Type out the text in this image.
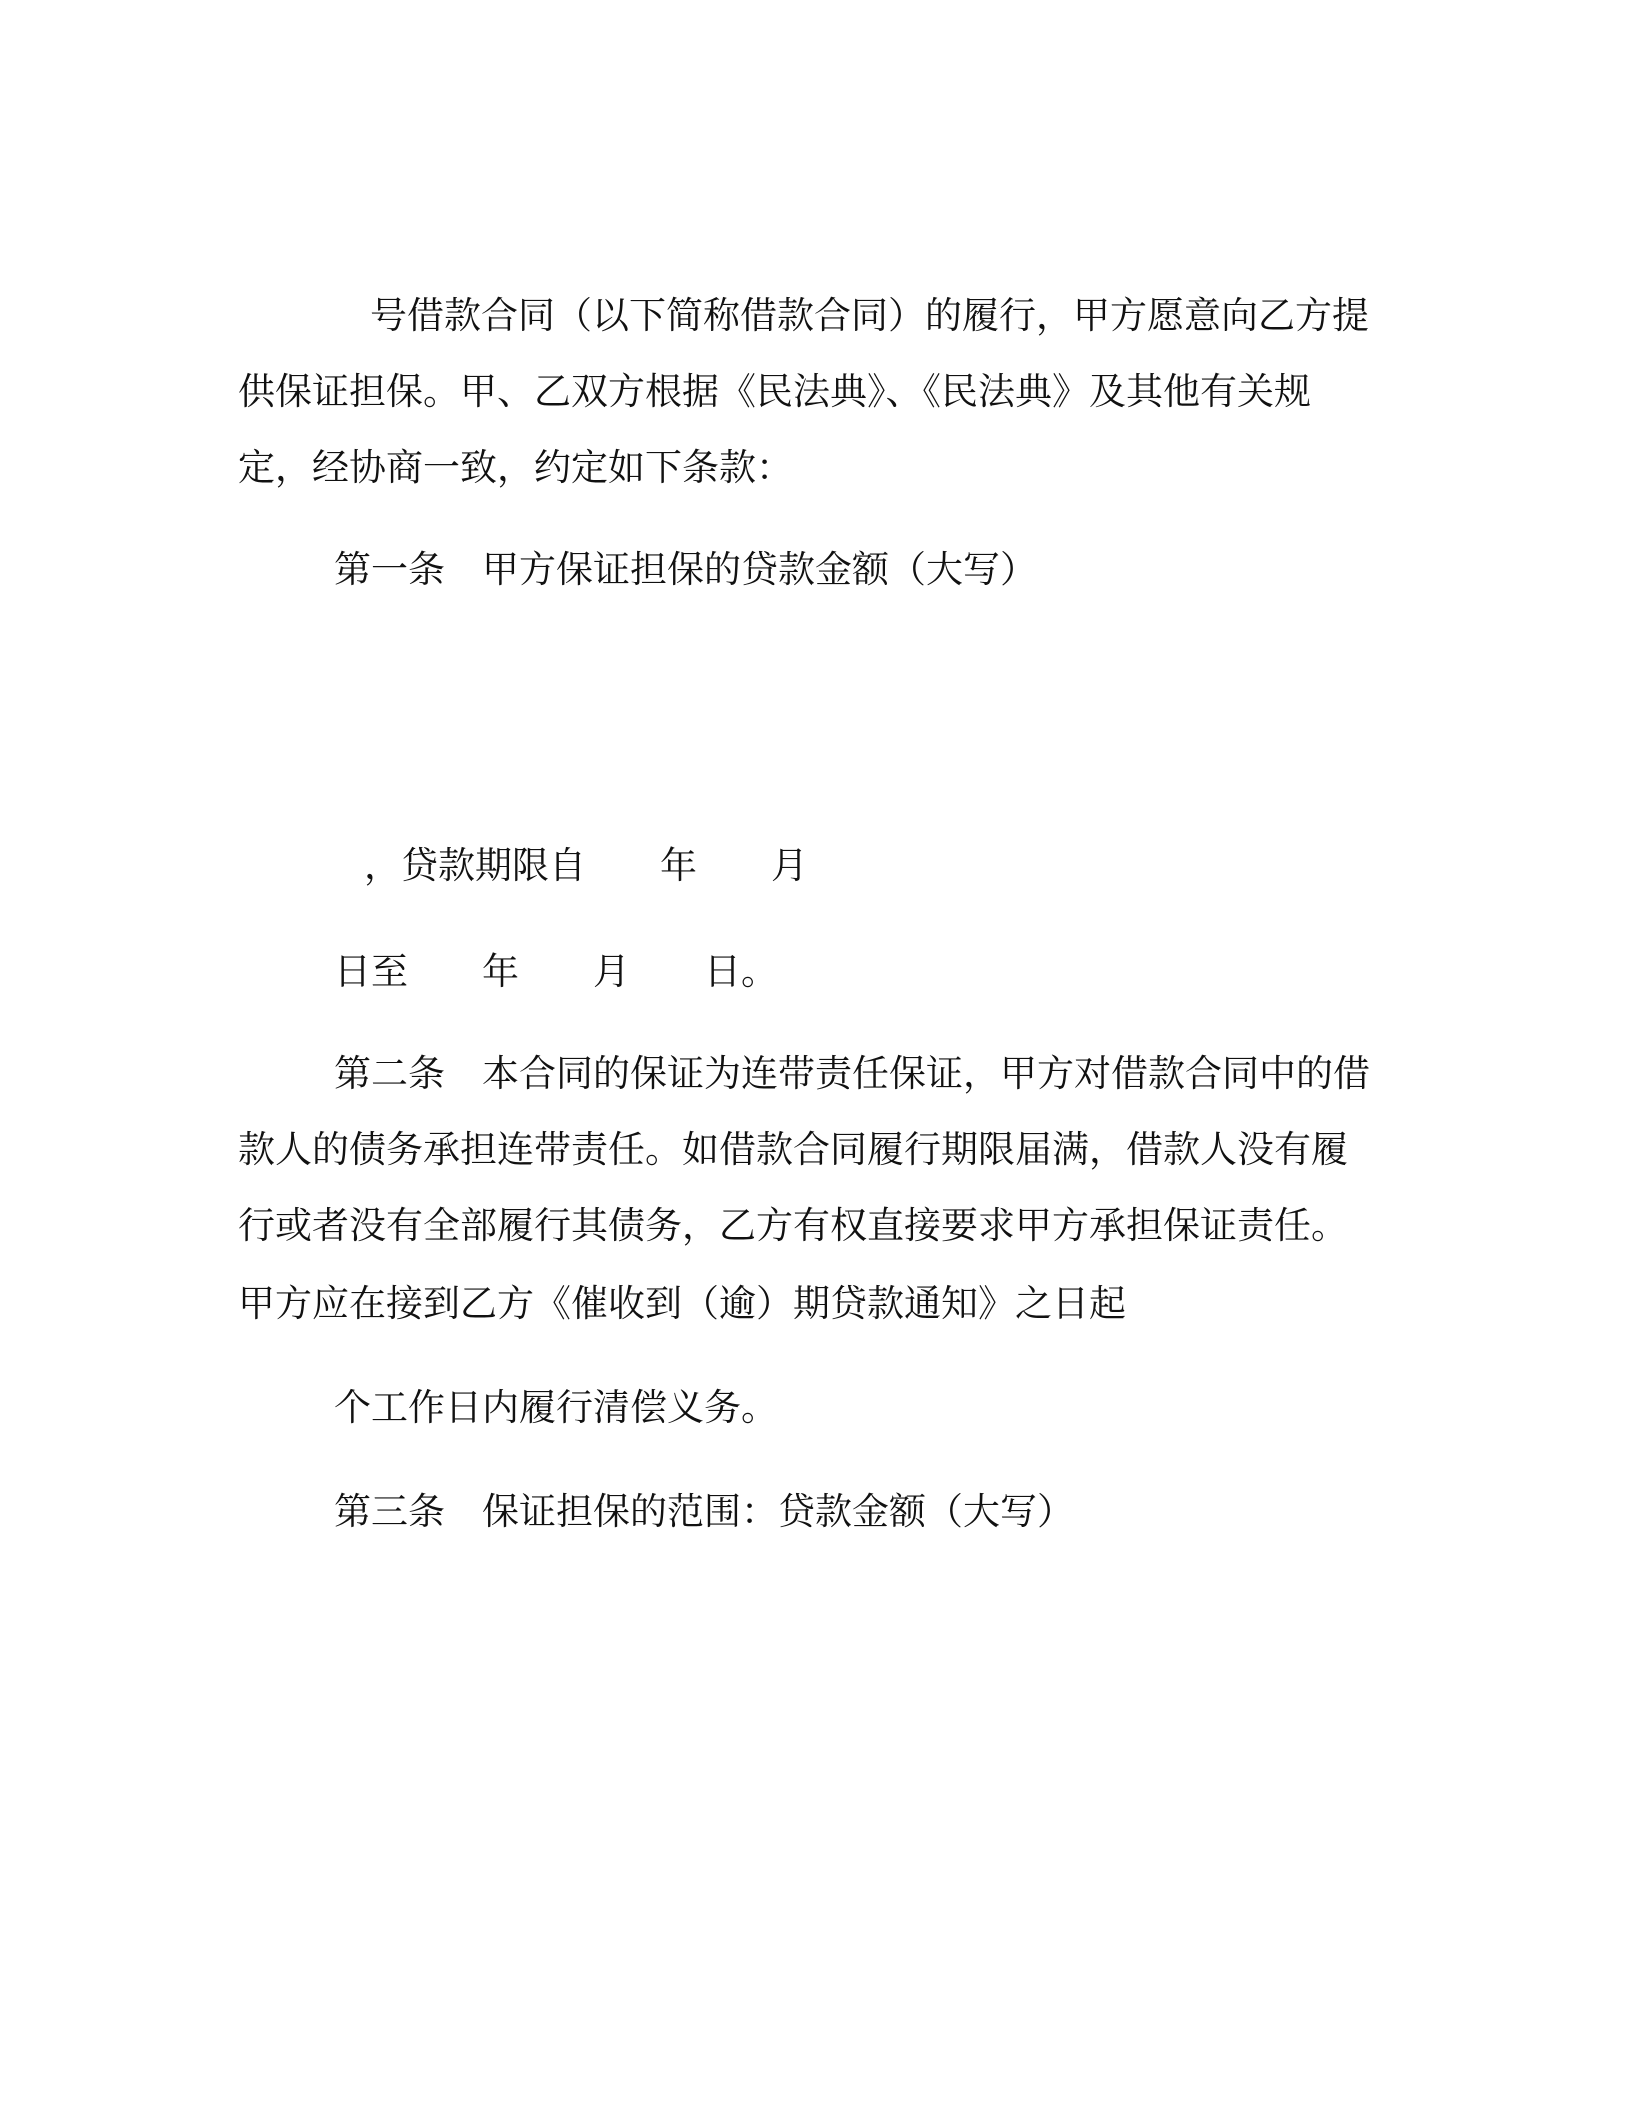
号借款合同（以下简称借款合同）的履行，甲方愿意向乙方提
供保证担保。甲、乙双方根据《民法典》、《民法典》及其他有关规
定，经协商一致，约定如下条款：
第一条　甲方保证担保的贷款金额（大写）
，贷款期限自　　年　　月
日至　　年　　月　　日。
第二条　本合同的保证为连带责任保证，甲方对借款合同中的借
款人的债务承担连带责任。如借款合同履行期限届满，借款人没有履
行或者没有全部履行其债务，乙方有权直接要求甲方承担保证责任。
甲方应在接到乙方《催收到（逾）期贷款通知》之日起
个工作日内履行清偿义务。
第三条　保证担保的范围：贷款金额（大写）
